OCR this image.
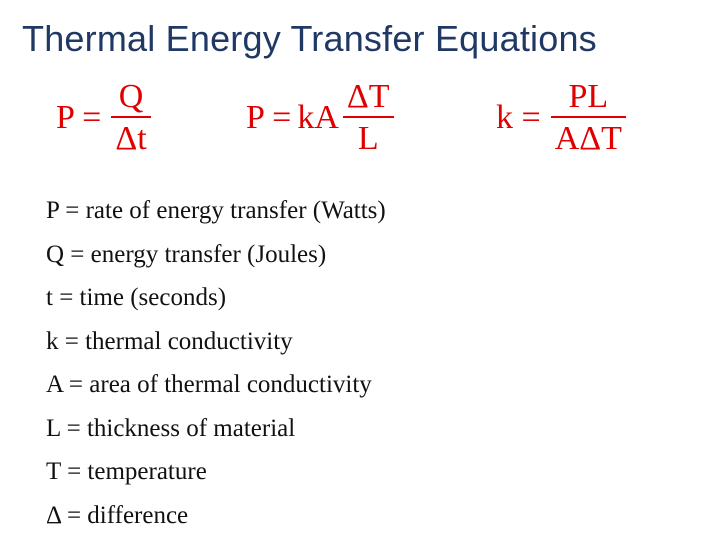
Thermal Energy Transfer Equations
$P = \frac{Q}{\Delta t}$	P = kA $\frac{\Delta T}{L}$	$k = \frac{PL}{\text{AΔT}}$
P = rate of energy transfer (Watts)
Q = energy transfer (Joules)
t = time (seconds)
k = thermal conductivity
A = area of thermal conductivity
L = thickness of material
T = temperature
Δ = difference
